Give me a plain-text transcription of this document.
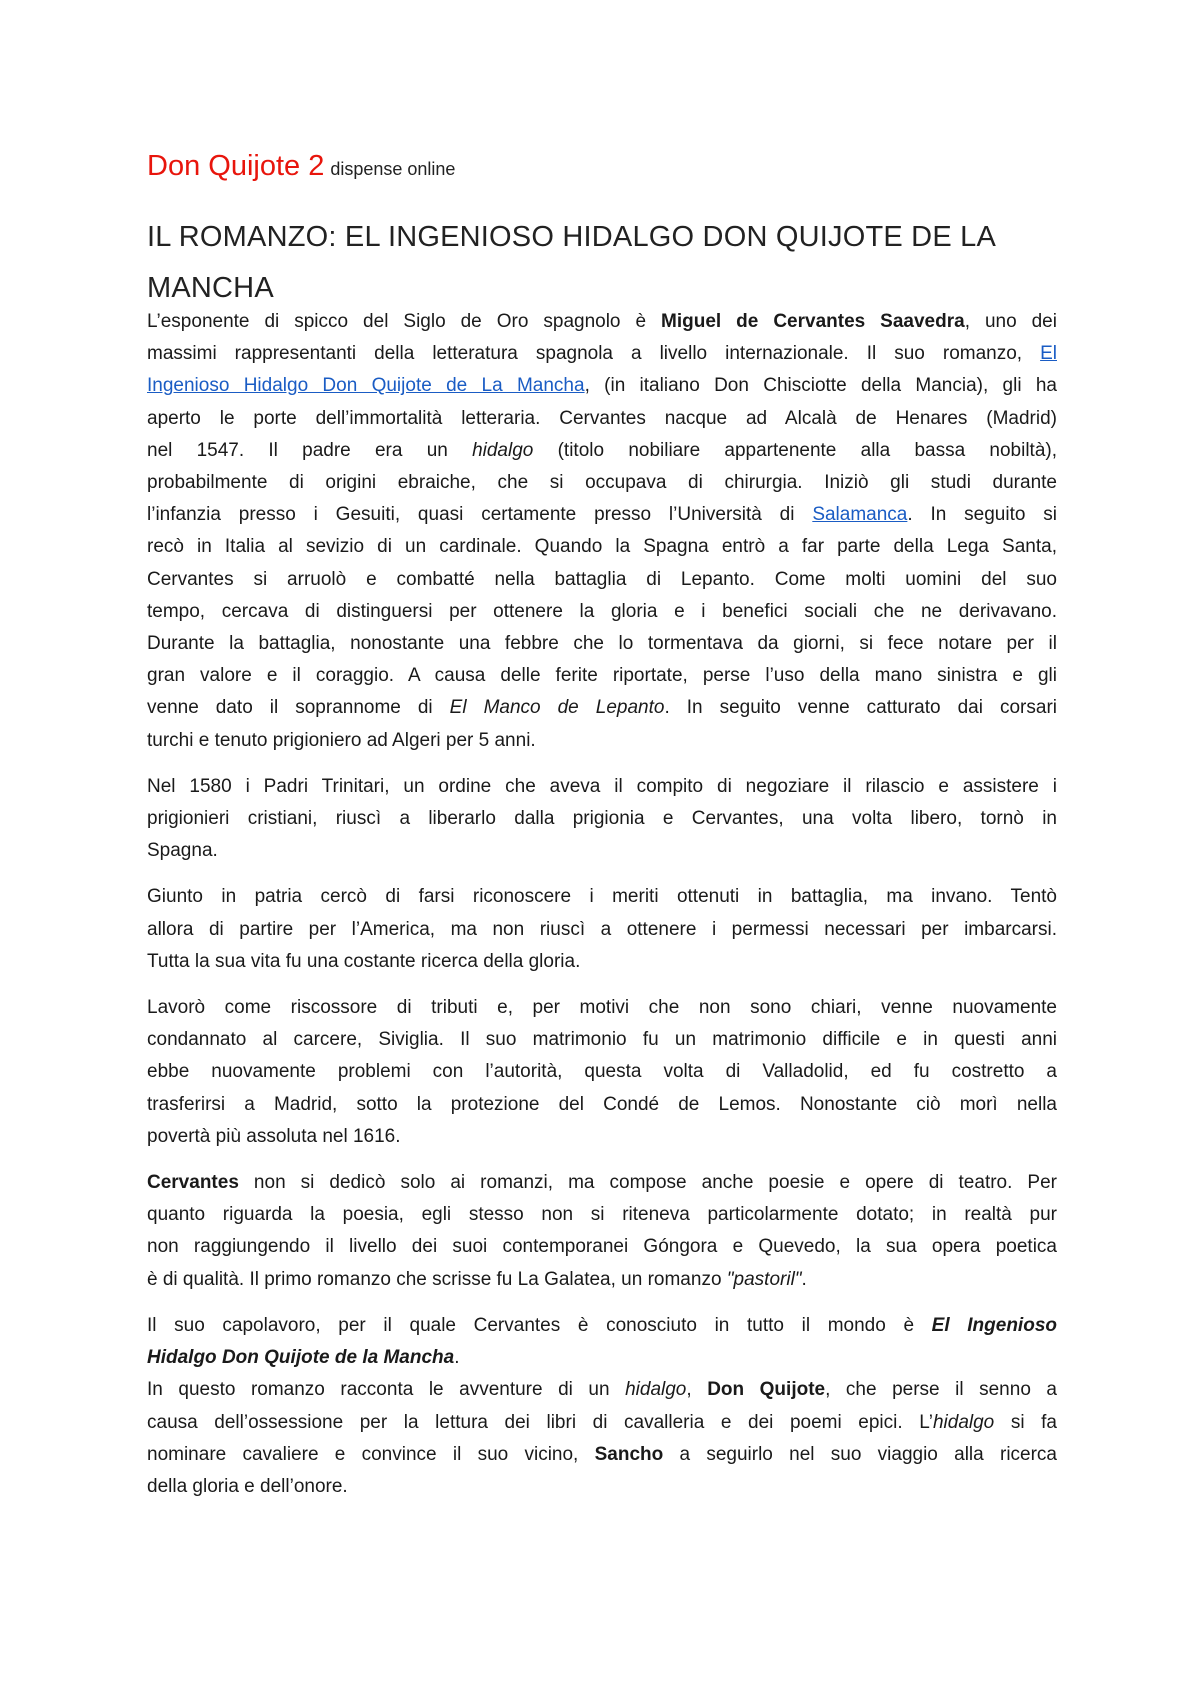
Don Quijote 2 dispense online
IL ROMANZO: EL INGENIOSO HIDALGO DON QUIJOTE DE LA
MANCHA
L’esponente di spicco del Siglo de Oro spagnolo è Miguel de Cervantes Saavedra, uno dei
massimi rappresentanti della letteratura spagnola a livello internazionale. Il suo romanzo, El
Ingenioso Hidalgo Don Quijote de La Mancha, (in italiano Don Chisciotte della Mancia), gli ha
aperto le porte dell’immortalità letteraria. Cervantes nacque ad Alcalà de Henares (Madrid)
nel 1547. Il padre era un hidalgo (titolo nobiliare appartenente alla bassa nobiltà),
probabilmente di origini ebraiche, che si occupava di chirurgia. Iniziò gli studi durante
l’infanzia presso i Gesuiti, quasi certamente presso l’Università di Salamanca. In seguito si
recò in Italia al sevizio di un cardinale. Quando la Spagna entrò a far parte della Lega Santa,
Cervantes si arruolò e combatté nella battaglia di Lepanto. Come molti uomini del suo
tempo, cercava di distinguersi per ottenere la gloria e i benefici sociali che ne derivavano.
Durante la battaglia, nonostante una febbre che lo tormentava da giorni, si fece notare per il
gran valore e il coraggio. A causa delle ferite riportate, perse l’uso della mano sinistra e gli
venne dato il soprannome di El Manco de Lepanto. In seguito venne catturato dai corsari
turchi e tenuto prigioniero ad Algeri per 5 anni.
Nel 1580 i Padri Trinitari, un ordine che aveva il compito di negoziare il rilascio e assistere i
prigionieri cristiani, riuscì a liberarlo dalla prigionia e Cervantes, una volta libero, tornò in
Spagna.
Giunto in patria cercò di farsi riconoscere i meriti ottenuti in battaglia, ma invano. Tentò
allora di partire per l’America, ma non riuscì a ottenere i permessi necessari per imbarcarsi.
Tutta la sua vita fu una costante ricerca della gloria.
Lavorò come riscossore di tributi e, per motivi che non sono chiari, venne nuovamente
condannato al carcere, Siviglia. Il suo matrimonio fu un matrimonio difficile e in questi anni
ebbe nuovamente problemi con l’autorità, questa volta di Valladolid, ed fu costretto a
trasferirsi a Madrid, sotto la protezione del Condé de Lemos. Nonostante ciò morì nella
povertà più assoluta nel 1616.
Cervantes non si dedicò solo ai romanzi, ma compose anche poesie e opere di teatro. Per
quanto riguarda la poesia, egli stesso non si riteneva particolarmente dotato; in realtà pur
non raggiungendo il livello dei suoi contemporanei Góngora e Quevedo, la sua opera poetica
è di qualità. Il primo romanzo che scrisse fu La Galatea, un romanzo "pastoril".
Il suo capolavoro, per il quale Cervantes è conosciuto in tutto il mondo è El Ingenioso
Hidalgo Don Quijote de la Mancha.
In questo romanzo racconta le avventure di un hidalgo, Don Quijote, che perse il senno a
causa dell’ossessione per la lettura dei libri di cavalleria e dei poemi epici. L’hidalgo si fa
nominare cavaliere e convince il suo vicino, Sancho a seguirlo nel suo viaggio alla ricerca
della gloria e dell’onore.
